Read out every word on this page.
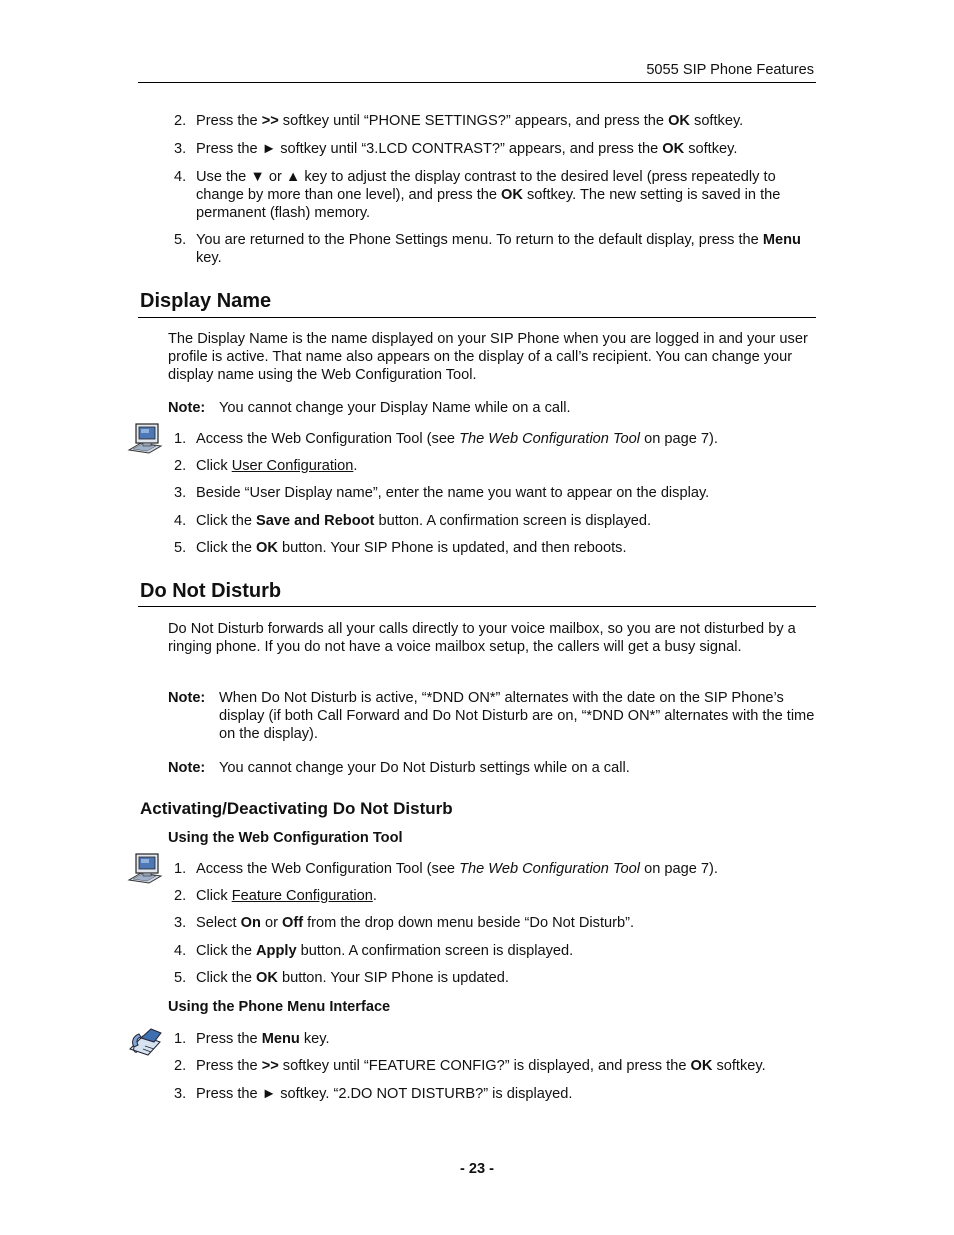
5055 SIP Phone Features
2. Press the >> softkey until “PHONE SETTINGS?” appears, and press the OK softkey.
3. Press the ► softkey until “3.LCD CONTRAST?” appears, and press the OK softkey.
4. Use the ▼ or ▲ key to adjust the display contrast to the desired level (press repeatedly to change by more than one level), and press the OK softkey. The new setting is saved in the permanent (flash) memory.
5. You are returned to the Phone Settings menu. To return to the default display, press the Menu key.
Display Name
The Display Name is the name displayed on your SIP Phone when you are logged in and your user profile is active. That name also appears on the display of a call’s recipient. You can change your display name using the Web Configuration Tool.
Note: You cannot change your Display Name while on a call.
1. Access the Web Configuration Tool (see The Web Configuration Tool on page 7).
2. Click User Configuration.
3. Beside “User Display name”, enter the name you want to appear on the display.
4. Click the Save and Reboot button. A confirmation screen is displayed.
5. Click the OK button. Your SIP Phone is updated, and then reboots.
Do Not Disturb
Do Not Disturb forwards all your calls directly to your voice mailbox, so you are not disturbed by a ringing phone. If you do not have a voice mailbox setup, the callers will get a busy signal.
Note: When Do Not Disturb is active, “*DND ON*” alternates with the date on the SIP Phone’s display (if both Call Forward and Do Not Disturb are on, “*DND ON*” alternates with the time on the display).
Note: You cannot change your Do Not Disturb settings while on a call.
Activating/Deactivating Do Not Disturb
Using the Web Configuration Tool
1. Access the Web Configuration Tool (see The Web Configuration Tool on page 7).
2. Click Feature Configuration.
3. Select On or Off from the drop down menu beside “Do Not Disturb”.
4. Click the Apply button. A confirmation screen is displayed.
5. Click the OK button. Your SIP Phone is updated.
Using the Phone Menu Interface
1. Press the Menu key.
2. Press the >> softkey until “FEATURE CONFIG?” is displayed, and press the OK softkey.
3. Press the ► softkey. “2.DO NOT DISTURB?” is displayed.
- 23 -
